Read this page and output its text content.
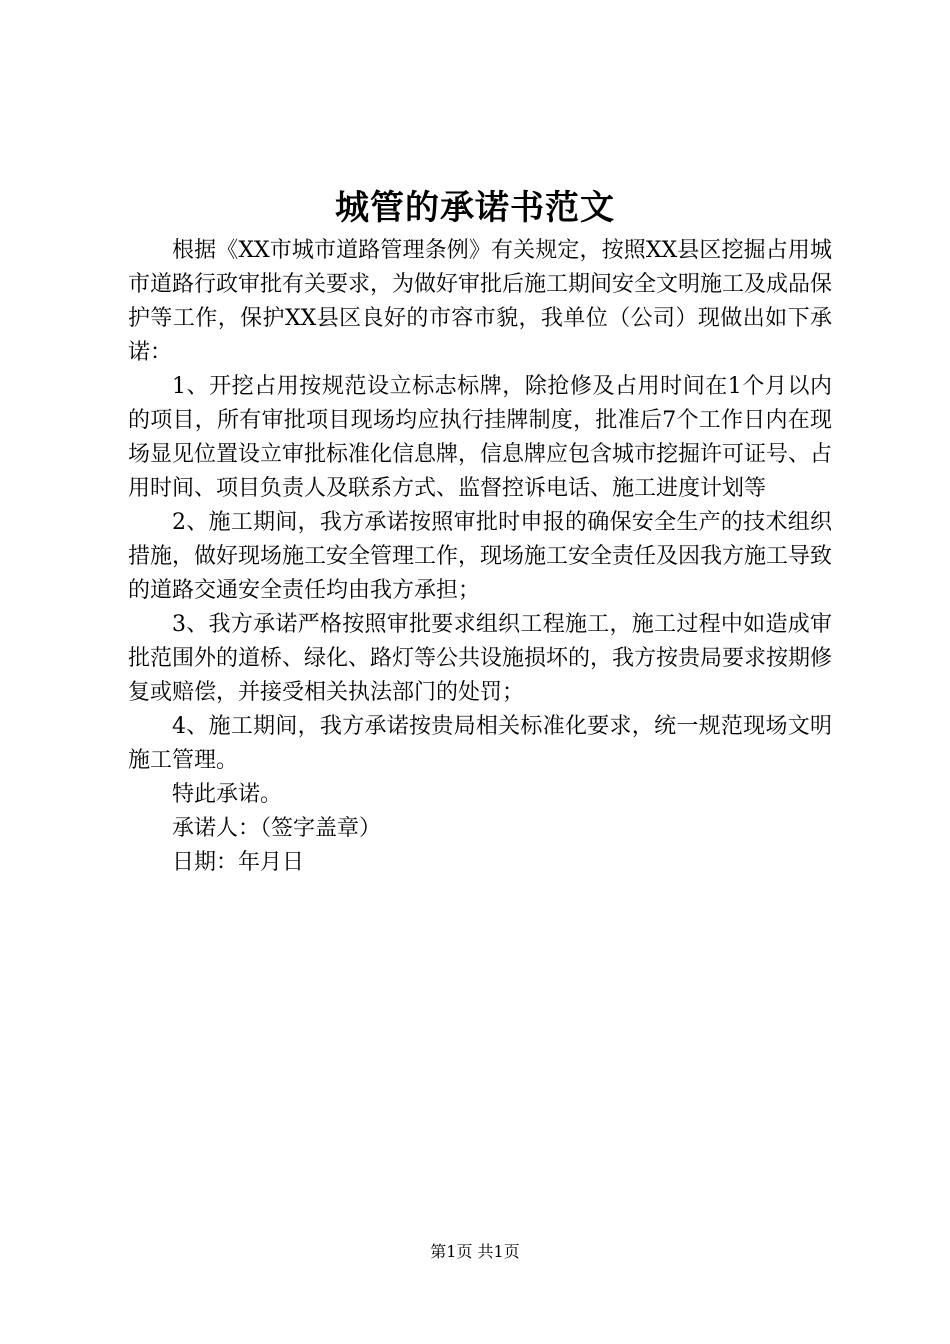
城管的承诺书范文

根据《XX市城市道路管理条例》有关规定，按照XX县区挖掘占用城市道路行政审批有关要求，为做好审批后施工期间安全文明施工及成品保护等工作，保护XX县区良好的市容市貌，我单位（公司）现做出如下承诺：

1、开挖占用按规范设立标志标牌，除抢修及占用时间在1个月以内的项目，所有审批项目现场均应执行挂牌制度，批准后7个工作日内在现场显见位置设立审批标准化信息牌，信息牌应包含城市挖掘许可证号、占用时间、项目负责人及联系方式、监督控诉电话、施工进度计划等

2、施工期间，我方承诺按照审批时申报的确保安全生产的技术组织措施，做好现场施工安全管理工作，现场施工安全责任及因我方施工导致的道路交通安全责任均由我方承担；

3、我方承诺严格按照审批要求组织工程施工，施工过程中如造成审批范围外的道桥、绿化、路灯等公共设施损坏的，我方按贵局要求按期修复或赔偿，并接受相关执法部门的处罚；

4、施工期间，我方承诺按贵局相关标准化要求，统一规范现场文明施工管理。

特此承诺。

承诺人：（签字盖章）

日期：年月日

第1页 共1页
